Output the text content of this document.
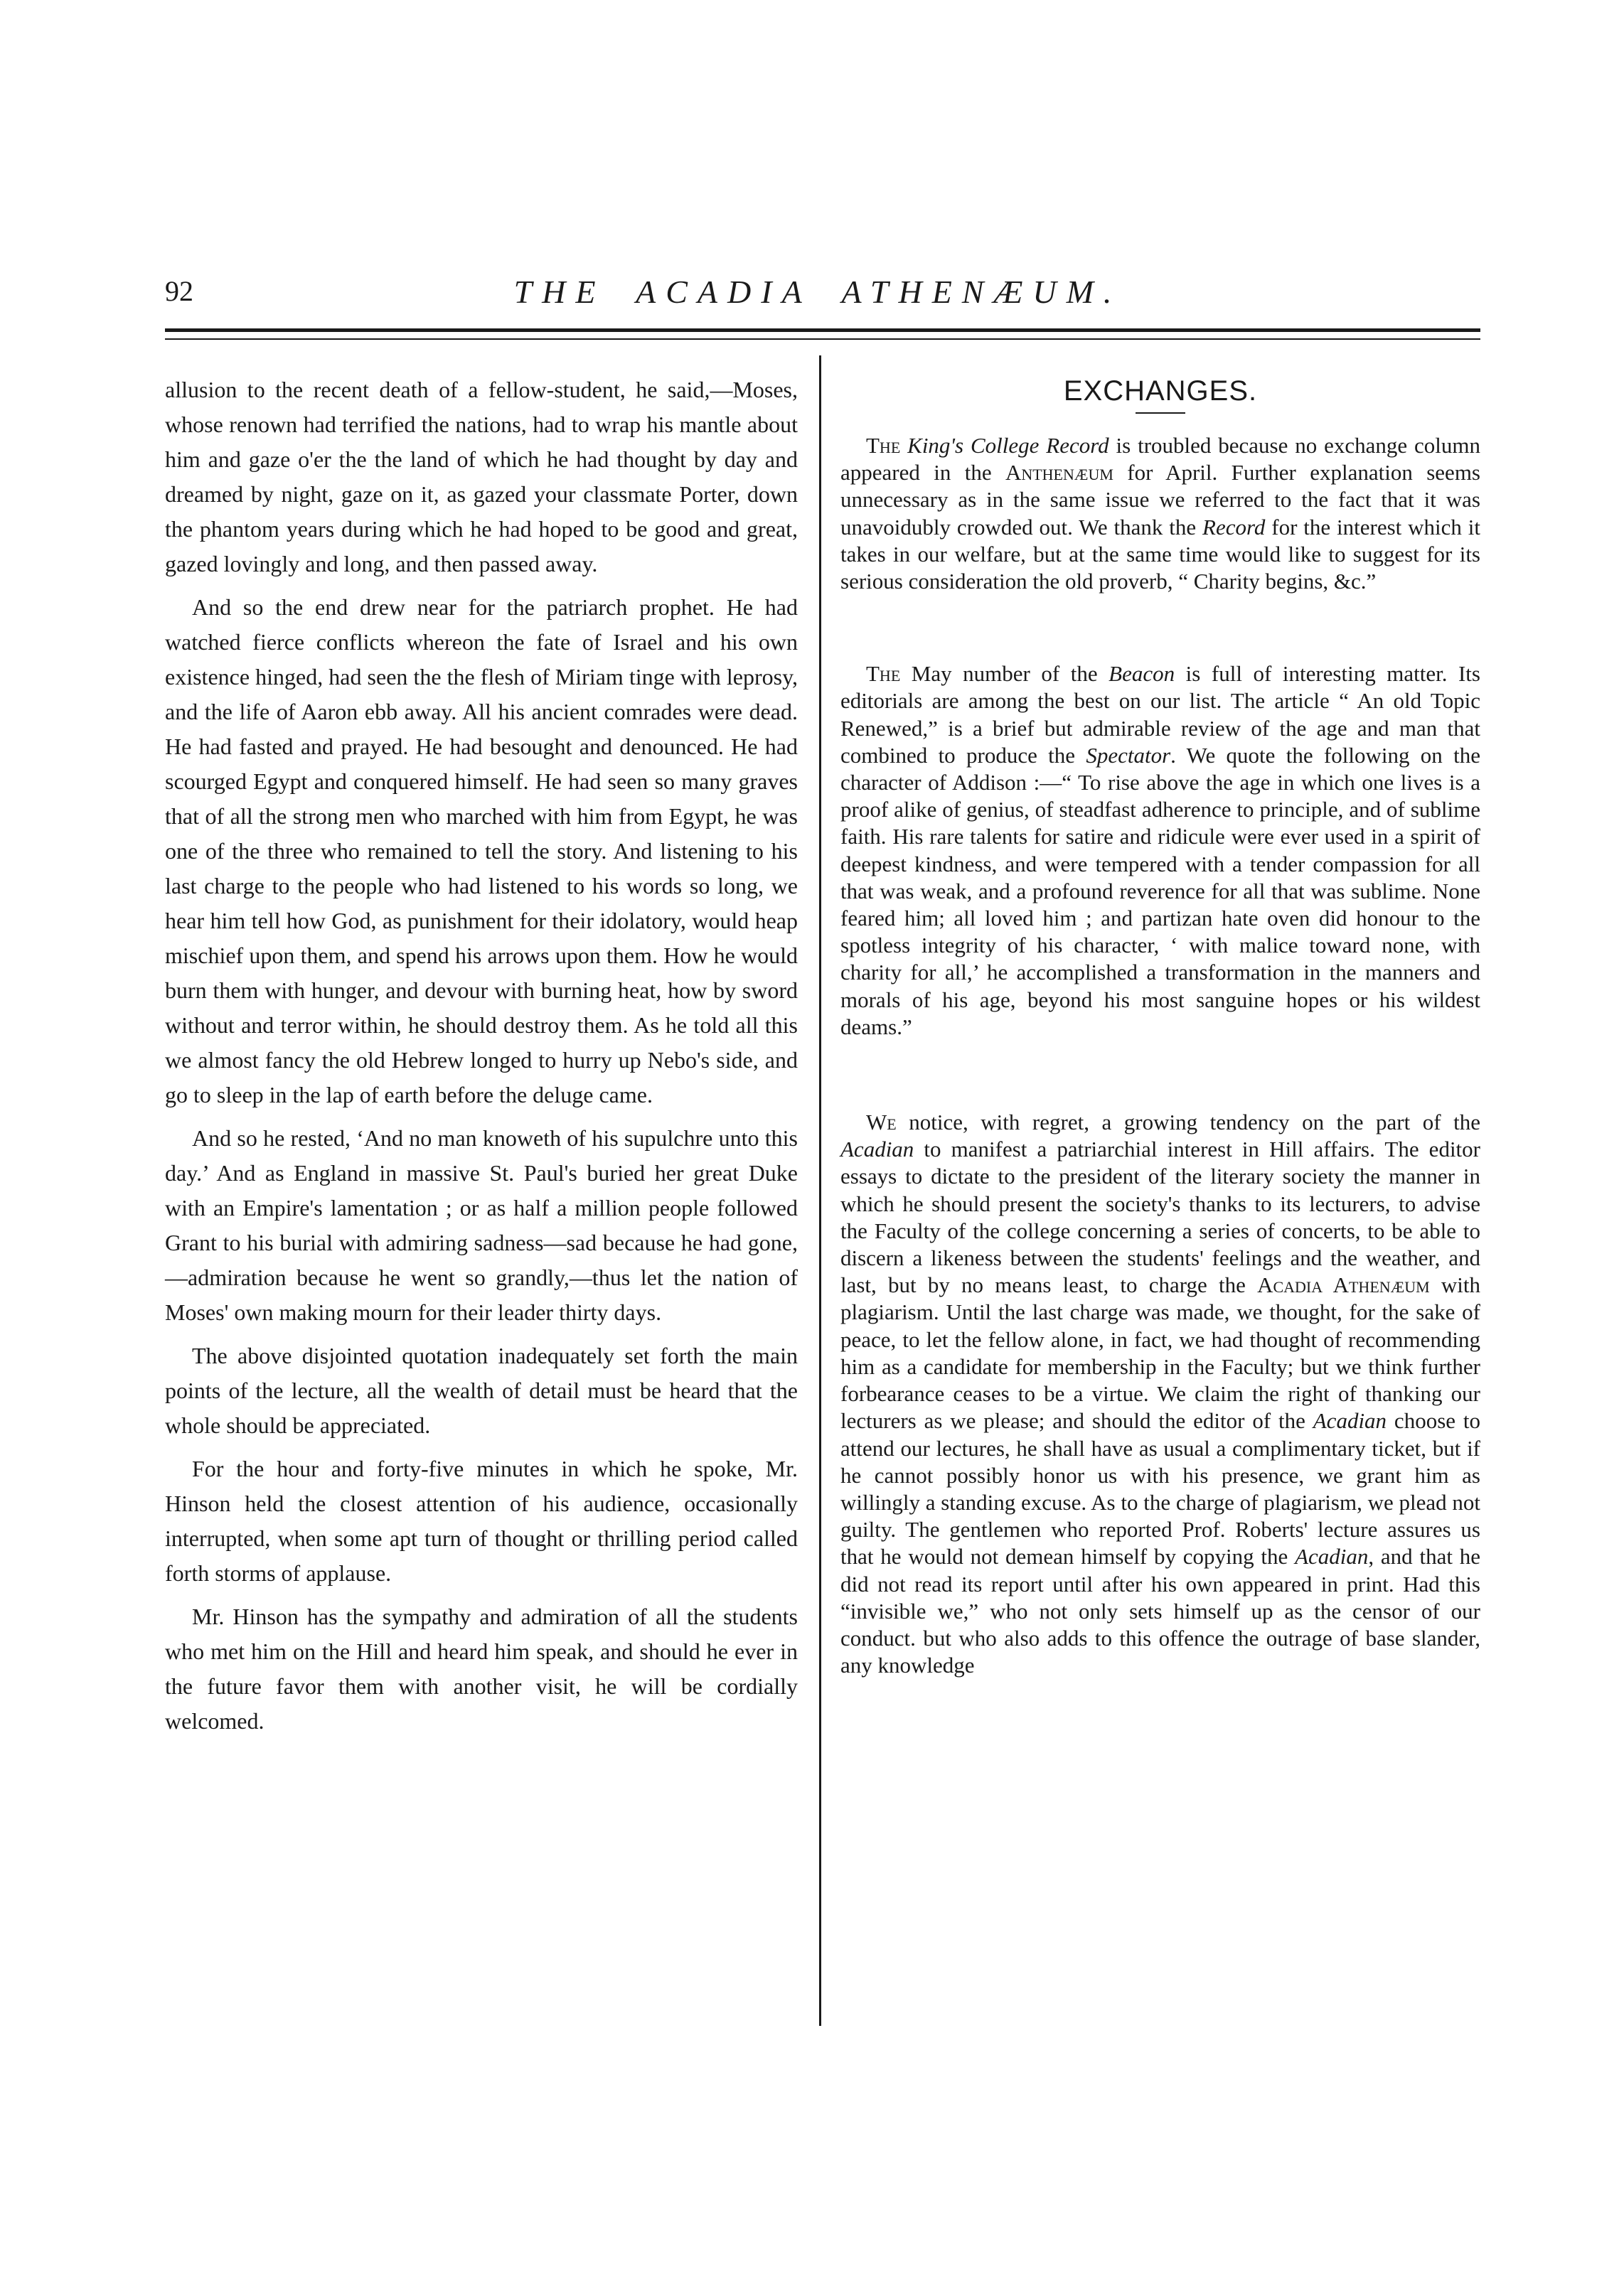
92	THE ACADIA ATHENÆUM.

allusion to the recent death of a fellow-student, he said,—Moses, whose renown had terrified the nations, had to wrap his mantle about him and gaze o'er the the land of which he had thought by day and dreamed by night, gaze on it, as gazed your classmate Porter, down the phantom years during which he had hoped to be good and great, gazed lovingly and long, and then passed away.

And so the end drew near for the patriarch prophet. He had watched fierce conflicts whereon the fate of Israel and his own existence hinged, had seen the the flesh of Miriam tinge with leprosy, and the life of Aaron ebb away. All his ancient comrades were dead. He had fasted and prayed. He had besought and denounced. He had scourged Egypt and conquered himself. He had seen so many graves that of all the strong men who marched with him from Egypt, he was one of the three who remained to tell the story. And listening to his last charge to the people who had listened to his words so long, we hear him tell how God, as punishment for their idolatory, would heap mischief upon them, and spend his arrows upon them. How he would burn them with hunger, and devour with burning heat, how by sword without and terror within, he should destroy them. As he told all this we almost fancy the old Hebrew longed to hurry up Nebo's side, and go to sleep in the lap of earth before the deluge came.

And so he rested, ‘And no man knoweth of his supulchre unto this day.’ And as England in massive St. Paul's buried her great Duke with an Empire's lamentation ; or as half a million people followed Grant to his burial with admiring sadness—sad because he had gone,—admiration because he went so grandly,—thus let the nation of Moses' own making mourn for their leader thirty days.

The above disjointed quotation inadequately set forth the main points of the lecture, all the wealth of detail must be heard that the whole should be appreciated.

For the hour and forty-five minutes in which he spoke, Mr. Hinson held the closest attention of his audience, occasionally interrupted, when some apt turn of thought or thrilling period called forth storms of applause.

Mr. Hinson has the sympathy and admiration of all the students who met him on the Hill and heard him speak, and should he ever in the future favor them with another visit, he will be cordially welcomed.

EXCHANGES.

The King's College Record is troubled because no exchange column appeared in the Anthenæum for April. Further explanation seems unnecessary as in the same issue we referred to the fact that it was unavoidubly crowded out. We thank the Record for the interest which it takes in our welfare, but at the same time would like to suggest for its serious consideration the old proverb, “ Charity begins, &c.”

The May number of the Beacon is full of interesting matter. Its editorials are among the best on our list. The article “ An old Topic Renewed,” is a brief but admirable review of the age and man that combined to produce the Spectator. We quote the following on the character of Addison :—“ To rise above the age in which one lives is a proof alike of genius, of steadfast adherence to principle, and of sublime faith. His rare talents for satire and ridicule were ever used in a spirit of deepest kindness, and were tempered with a tender compassion for all that was weak, and a profound reverence for all that was sublime. None feared him; all loved him ; and partizan hate oven did honour to the spotless integrity of his character, ‘ with malice toward none, with charity for all,’ he accomplished a transformation in the manners and morals of his age, beyond his most sanguine hopes or his wildest deams.”

We notice, with regret, a growing tendency on the part of the Acadian to manifest a patriarchial interest in Hill affairs. The editor essays to dictate to the president of the literary society the manner in which he should present the society's thanks to its lecturers, to advise the Faculty of the college concerning a series of concerts, to be able to discern a likeness between the students' feelings and the weather, and last, but by no means least, to charge the Acadia Athenæum with plagiarism. Until the last charge was made, we thought, for the sake of peace, to let the fellow alone, in fact, we had thought of recommending him as a candidate for membership in the Faculty; but we think further forbearance ceases to be a virtue. We claim the right of thanking our lecturers as we please; and should the editor of the Acadian choose to attend our lectures, he shall have as usual a complimentary ticket, but if he cannot possibly honor us with his presence, we grant him as willingly a standing excuse. As to the charge of plagiarism, we plead not guilty. The gentlemen who reported Prof. Roberts' lecture assures us that he would not demean himself by copying the Acadian, and that he did not read its report until after his own appeared in print. Had this “invisible we,” who not only sets himself up as the censor of our conduct. but who also adds to this offence the outrage of base slander, any knowledge
